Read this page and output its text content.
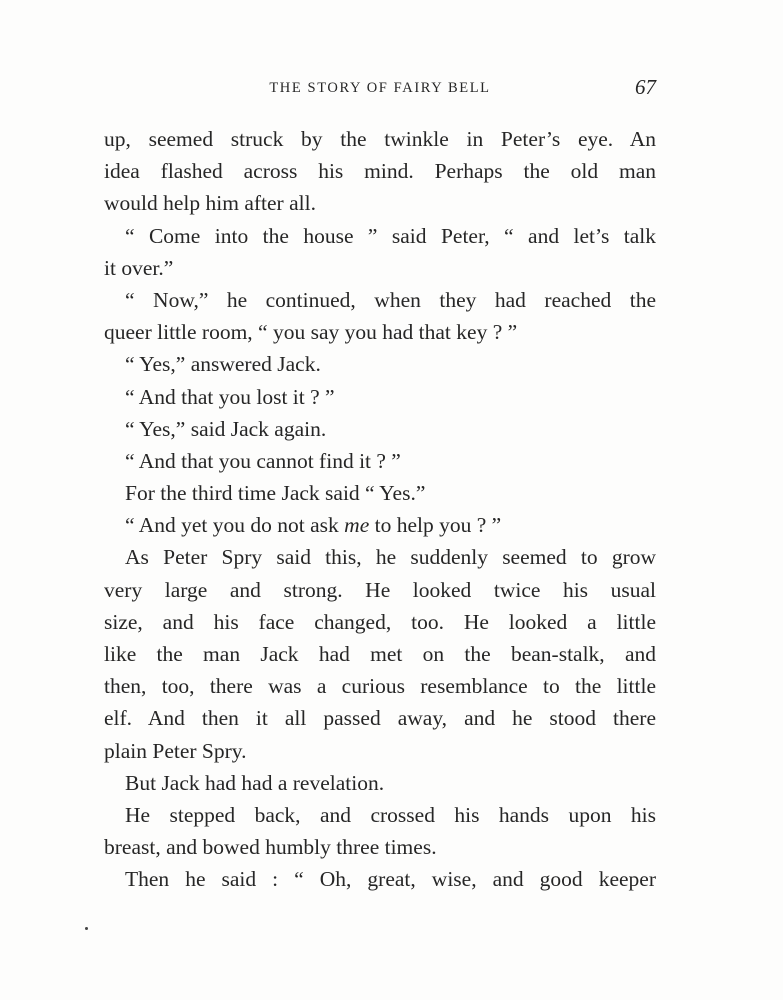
THE STORY OF FAIRY BELL	67
up, seemed struck by the twinkle in Peter’s eye. An
idea flashed across his mind. Perhaps the old man
would help him after all.
“ Come into the house ” said Peter, “ and let’s talk
it over.”
“ Now,” he continued, when they had reached the
queer little room, “ you say you had that key ? ”
“ Yes,” answered Jack.
“ And that you lost it ? ”
“ Yes,” said Jack again.
“ And that you cannot find it ? ”
For the third time Jack said “ Yes.”
“ And yet you do not ask me to help you ? ”
As Peter Spry said this, he suddenly seemed to grow
very large and strong. He looked twice his usual
size, and his face changed, too. He looked a little
like the man Jack had met on the bean-stalk, and
then, too, there was a curious resemblance to the little
elf. And then it all passed away, and he stood there
plain Peter Spry.
But Jack had had a revelation.
He stepped back, and crossed his hands upon his
breast, and bowed humbly three times.
Then he said : “ Oh, great, wise, and good keeper
